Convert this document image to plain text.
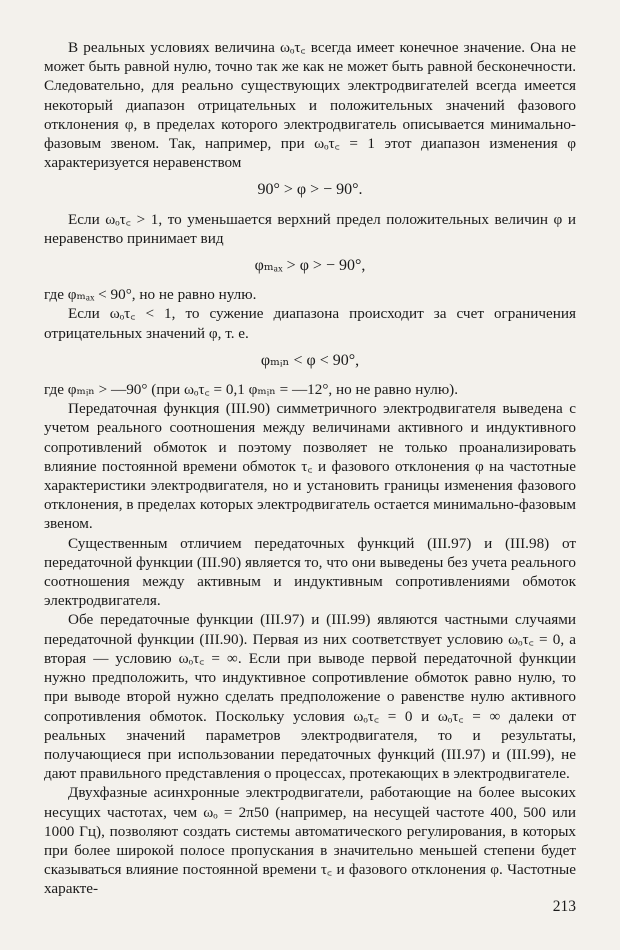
В реальных условиях величина ωₒτ꜀ всегда имеет конечное значение. Она не может быть равной нулю, точно так же как не может быть равной бесконечности. Следовательно, для реально существующих электродвигателей всегда имеется некоторый диапазон отрицательных и положительных значений фазового отклонения φ, в пределах которого электродвигатель описывается минимально-фазовым звеном. Так, например, при ωₒτ꜀ = 1 этот диапазон изменения φ характеризуется неравенством

90° > φ > − 90°.

Если ωₒτ꜀ > 1, то уменьшается верхний предел положительных величин φ и неравенство принимает вид

φₘₐₓ > φ > − 90°,

где φₘₐₓ < 90°, но не равно нулю.

Если ωₒτ꜀ < 1, то сужение диапазона происходит за счет ограничения отрицательных значений φ, т. е.

φₘᵢₙ < φ < 90°,

где φₘᵢₙ > —90° (при ωₒτ꜀ = 0,1 φₘᵢₙ = —12°, но не равно нулю).

Передаточная функция (III.90) симметричного электродвигателя выведена с учетом реального соотношения между величинами активного и индуктивного сопротивлений обмоток и поэтому позволяет не только проанализировать влияние постоянной времени обмоток τ꜀ и фазового отклонения φ на частотные характеристики электродвигателя, но и установить границы изменения фазового отклонения, в пределах которых электродвигатель остается минимально-фазовым звеном.

Существенным отличием передаточных функций (III.97) и (III.98) от передаточной функции (III.90) является то, что они выведены без учета реального соотношения между активным и индуктивным сопротивлениями обмоток электродвигателя.

Обе передаточные функции (III.97) и (III.99) являются частными случаями передаточной функции (III.90). Первая из них соответствует условию ωₒτ꜀ = 0, а вторая — условию ωₒτ꜀ = ∞. Если при выводе первой передаточной функции нужно предположить, что индуктивное сопротивление обмоток равно нулю, то при выводе второй нужно сделать предположение о равенстве нулю активного сопротивления обмоток. Поскольку условия ωₒτ꜀ = 0 и ωₒτ꜀ = ∞ далеки от реальных значений параметров электродвигателя, то и результаты, получающиеся при использовании передаточных функций (III.97) и (III.99), не дают правильного представления о процессах, протекающих в электродвигателе.

Двухфазные асинхронные электродвигатели, работающие на более высоких несущих частотах, чем ωₒ = 2π50 (например, на несущей частоте 400, 500 или 1000 Гц), позволяют создать системы автоматического регулирования, в которых при более широкой полосе пропускания в значительно меньшей степени будет сказываться влияние постоянной времени τ꜀ и фазового отклонения φ. Частотные характе-

213
